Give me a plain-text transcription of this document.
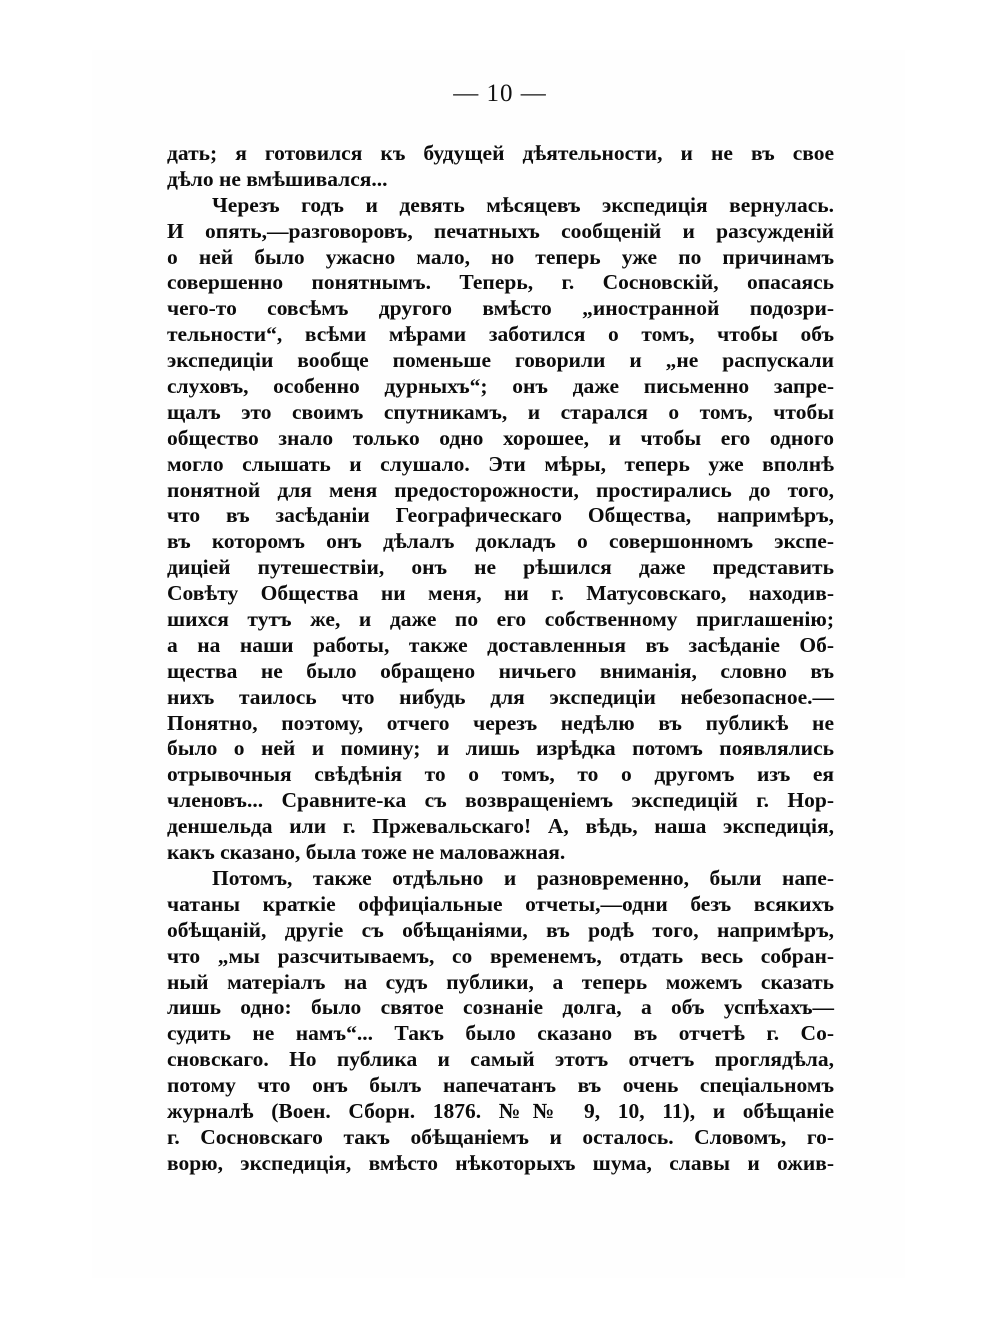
— 10 —
дать; я готовился къ будущей дѣятельности, и не въ свое
дѣло не вмѣшивался...
Черезъ годъ и девять мѣсяцевъ экспедиція вернулась.
И опять,—разговоровъ, печатныхъ сообщеній и разсужденій
о ней было ужасно мало, но теперь уже по причинамъ
совершенно понятнымъ. Теперь, г. Сосновскій, опасаясь
чего-то совсѣмъ другого вмѣсто „иностранной подозри-
тельности“, всѣми мѣрами заботился о томъ, чтобы объ
экспедиціи вообще поменьше говорили и „не распускали
слуховъ, особенно дурныхъ“; онъ даже письменно запре-
щалъ это своимъ спутникамъ, и старался о томъ, чтобы
общество знало только одно хорошее, и чтобы его одного
могло слышать и слушало. Эти мѣры, теперь уже вполнѣ
понятной для меня предосторожности, простирались до того,
что въ засѣданіи Географическаго Общества, напримѣръ,
въ которомъ онъ дѣлалъ докладъ о совершонномъ экспе-
дицiей путешествіи, онъ не рѣшился даже представить
Совѣту Общества ни меня, ни г. Матусовскаго, находив-
шихся тутъ же, и даже по его собственному приглашенію;
а на наши работы, также доставленныя въ засѣданіе Об-
щества не было обращено ничьего вниманія, словно въ
нихъ таилось что нибудь для экспедиціи небезопасное.—
Понятно, поэтому, отчего черезъ недѣлю въ публикѣ не
было о ней и помину; и лишь изрѣдка потомъ появлялись
отрывочныя свѣдѣнія то о томъ, то о другомъ изъ ея
членовъ... Сравните-ка съ возвращеніемъ экспедицій г. Нор-
деншельда или г. Пржевальскаго! А, вѣдь, наша экспедиція,
какъ сказано, была тоже не маловажная.
Потомъ, также отдѣльно и разновременно, были напе-
чатаны краткіе оффиціальные отчеты,—одни безъ всякихъ
обѣщаній, другіе съ обѣщаніями, въ родѣ того, напримѣръ,
что „мы разсчитываемъ, со временемъ, отдать весь собран-
ный матеріалъ на судъ публики, а теперь можемъ сказать
лишь одно: было святое сознаніе долга, а объ успѣхахъ—
судить не намъ“... Такъ было сказано въ отчетѣ г. Со-
сновскаго. Но публика и самый этотъ отчетъ проглядѣла,
потому что онъ былъ напечатанъ въ очень спеціальномъ
журналѣ (Воен. Сборн. 1876. №№ 9, 10, 11), и обѣщаніе
г. Сосновскаго такъ обѣщаніемъ и осталось. Словомъ, го-
ворю, экспедиція, вмѣсто нѣкоторыхъ шума, славы и ожив-
